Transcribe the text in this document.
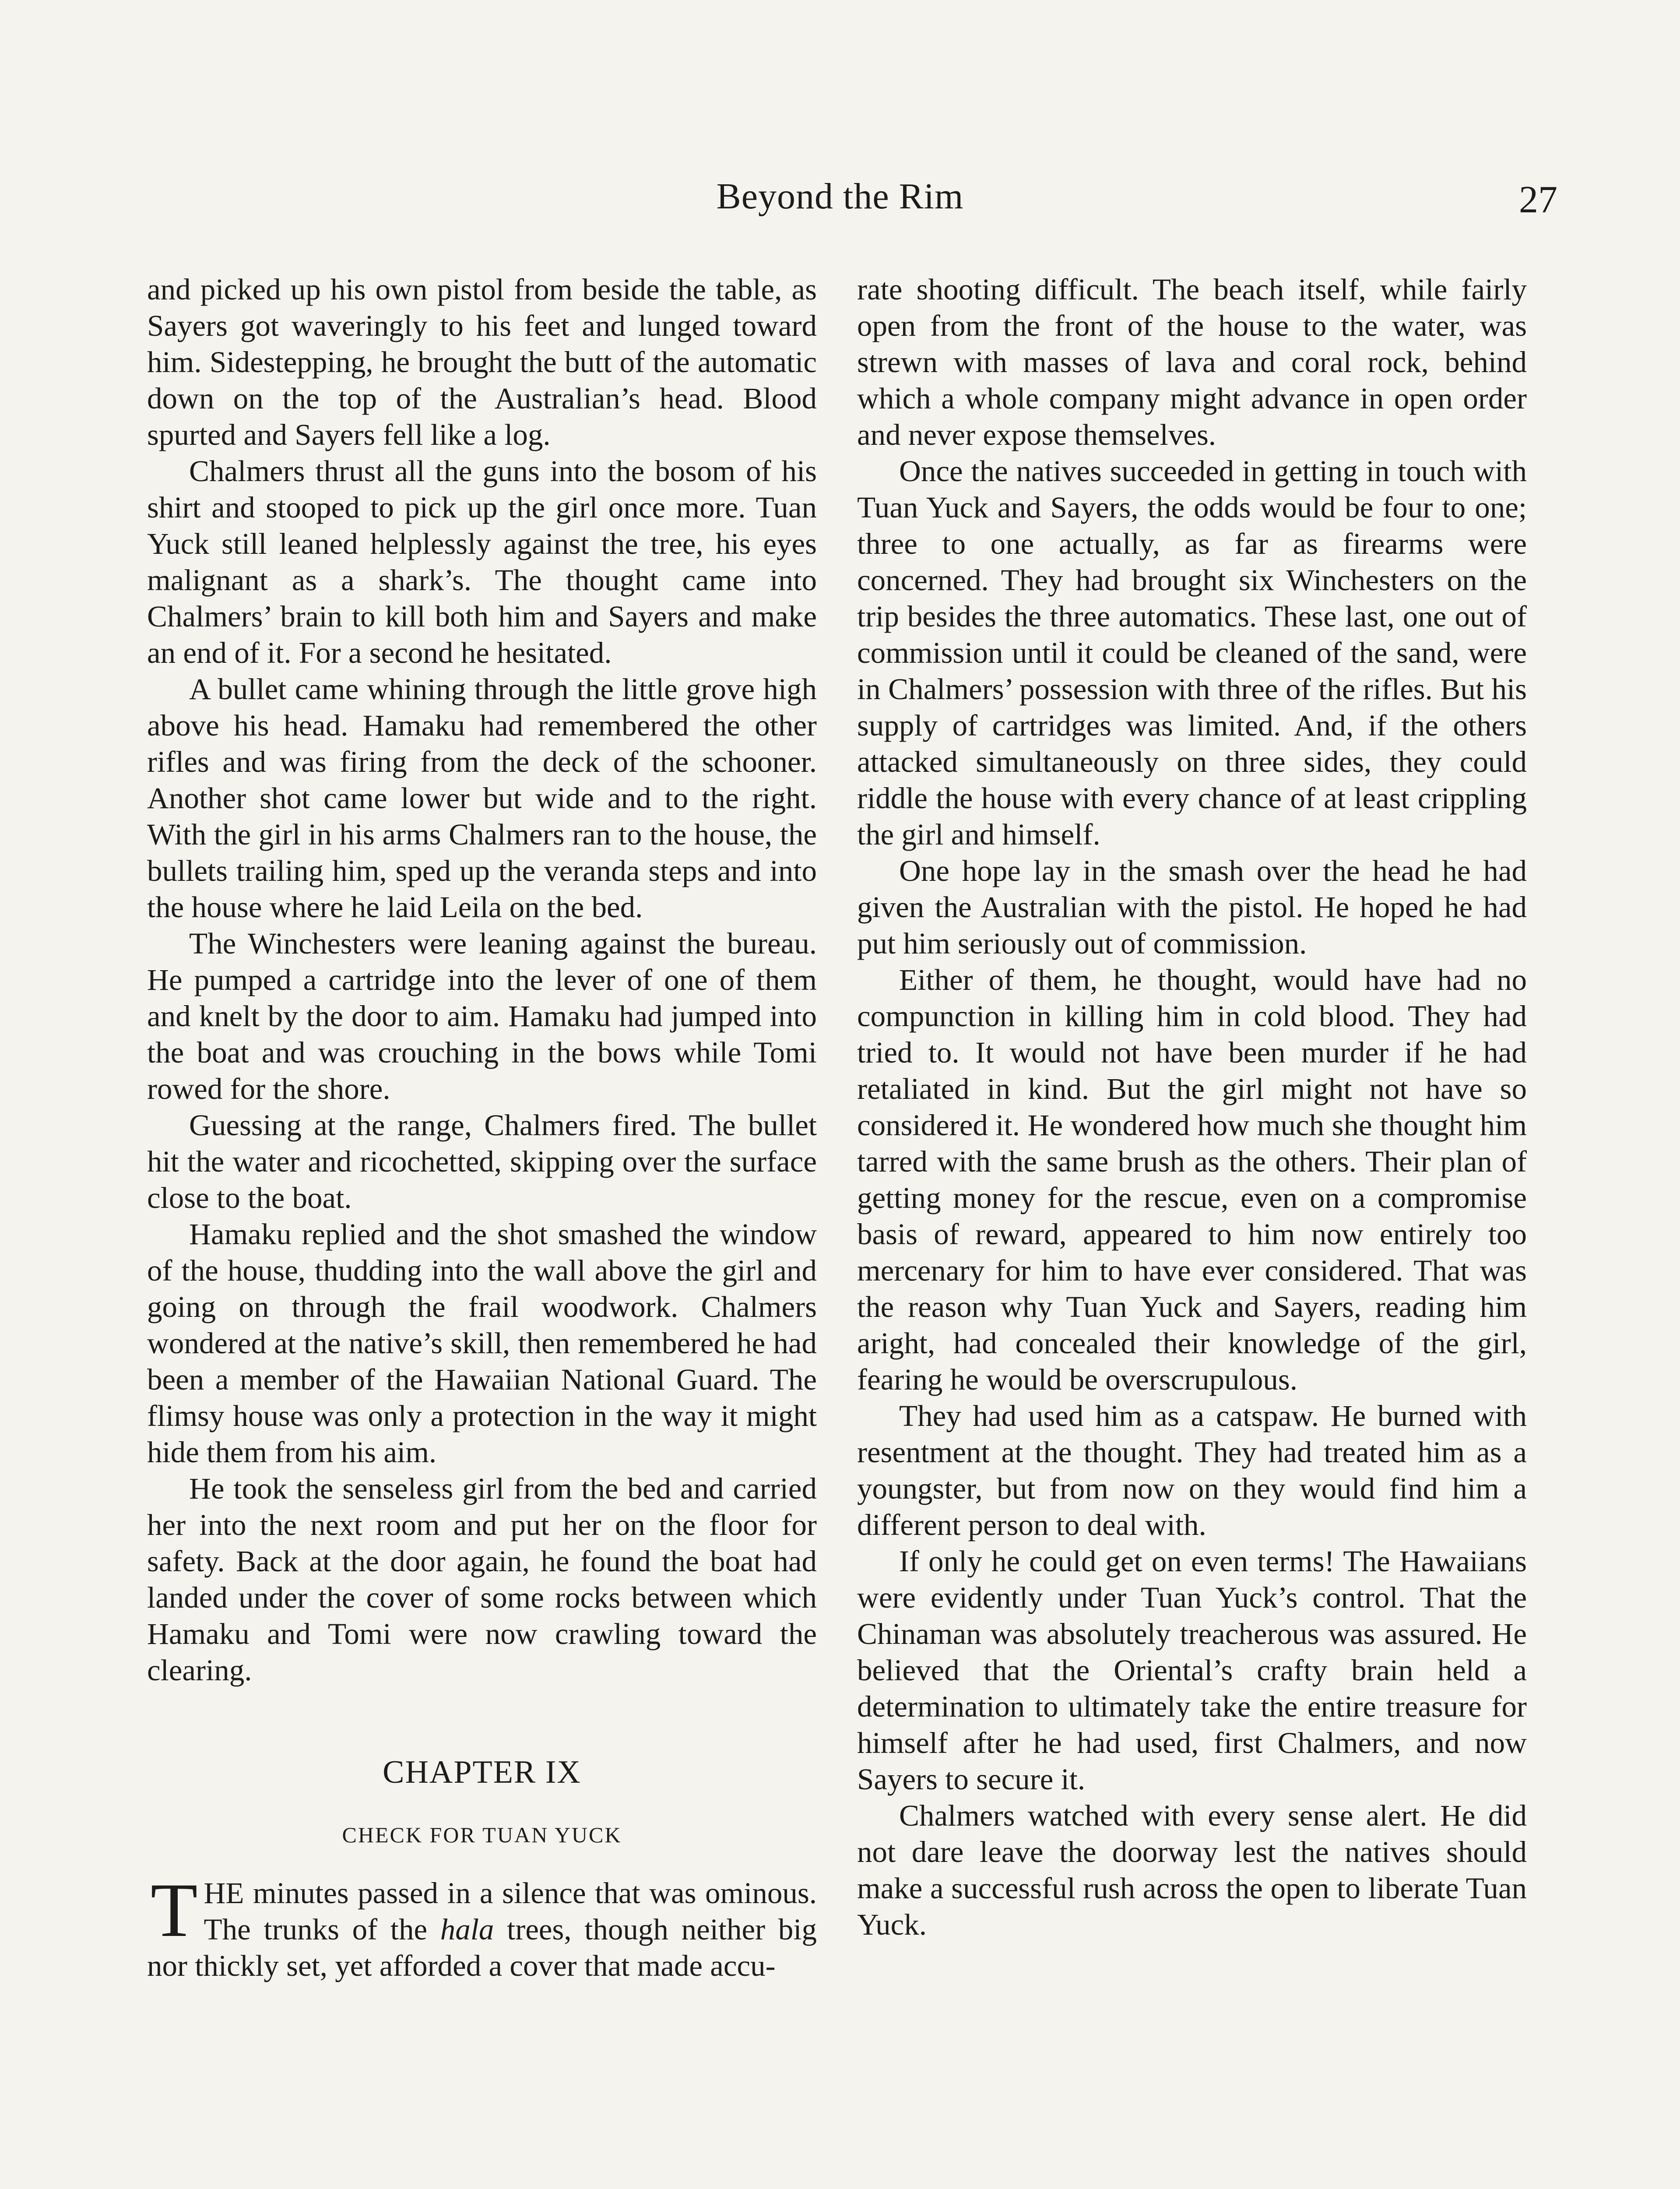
Beyond the Rim	27

and picked up his own pistol from beside the table, as Sayers got waveringly to his feet and lunged toward him. Sidestepping, he brought the butt of the automatic down on the top of the Australian’s head. Blood spurted and Sayers fell like a log.

Chalmers thrust all the guns into the bosom of his shirt and stooped to pick up the girl once more. Tuan Yuck still leaned helplessly against the tree, his eyes malignant as a shark’s. The thought came into Chalmers’ brain to kill both him and Sayers and make an end of it. For a second he hesitated.

A bullet came whining through the little grove high above his head. Hamaku had remembered the other rifles and was firing from the deck of the schooner. Another shot came lower but wide and to the right. With the girl in his arms Chalmers ran to the house, the bullets trailing him, sped up the veranda steps and into the house where he laid Leila on the bed.

The Winchesters were leaning against the bureau. He pumped a cartridge into the lever of one of them and knelt by the door to aim. Hamaku had jumped into the boat and was crouching in the bows while Tomi rowed for the shore.

Guessing at the range, Chalmers fired. The bullet hit the water and ricochetted, skipping over the surface close to the boat.

Hamaku replied and the shot smashed the window of the house, thudding into the wall above the girl and going on through the frail woodwork. Chalmers wondered at the native’s skill, then remembered he had been a member of the Hawaiian National Guard. The flimsy house was only a protection in the way it might hide them from his aim.

He took the senseless girl from the bed and carried her into the next room and put her on the floor for safety. Back at the door again, he found the boat had landed under the cover of some rocks between which Hamaku and Tomi were now crawling toward the clearing.

CHAPTER IX
CHECK FOR TUAN YUCK

THE minutes passed in a silence that was ominous. The trunks of the hala trees, though neither big nor thickly set, yet afforded a cover that made accu-

rate shooting difficult. The beach itself, while fairly open from the front of the house to the water, was strewn with masses of lava and coral rock, behind which a whole company might advance in open order and never expose themselves.

Once the natives succeeded in getting in touch with Tuan Yuck and Sayers, the odds would be four to one; three to one actually, as far as firearms were concerned. They had brought six Winchesters on the trip besides the three automatics. These last, one out of commission until it could be cleaned of the sand, were in Chalmers’ possession with three of the rifles. But his supply of cartridges was limited. And, if the others attacked simultaneously on three sides, they could riddle the house with every chance of at least crippling the girl and himself.

One hope lay in the smash over the head he had given the Australian with the pistol. He hoped he had put him seriously out of commission.

Either of them, he thought, would have had no compunction in killing him in cold blood. They had tried to. It would not have been murder if he had retaliated in kind. But the girl might not have so considered it. He wondered how much she thought him tarred with the same brush as the others. Their plan of getting money for the rescue, even on a compromise basis of reward, appeared to him now entirely too mercenary for him to have ever considered. That was the reason why Tuan Yuck and Sayers, reading him aright, had concealed their knowledge of the girl, fearing he would be overscrupulous.

They had used him as a catspaw. He burned with resentment at the thought. They had treated him as a youngster, but from now on they would find him a different person to deal with.

If only he could get on even terms! The Hawaiians were evidently under Tuan Yuck’s control. That the Chinaman was absolutely treacherous was assured. He believed that the Oriental’s crafty brain held a determination to ultimately take the entire treasure for himself after he had used, first Chalmers, and now Sayers to secure it.

Chalmers watched with every sense alert. He did not dare leave the doorway lest the natives should make a successful rush across the open to liberate Tuan Yuck.
